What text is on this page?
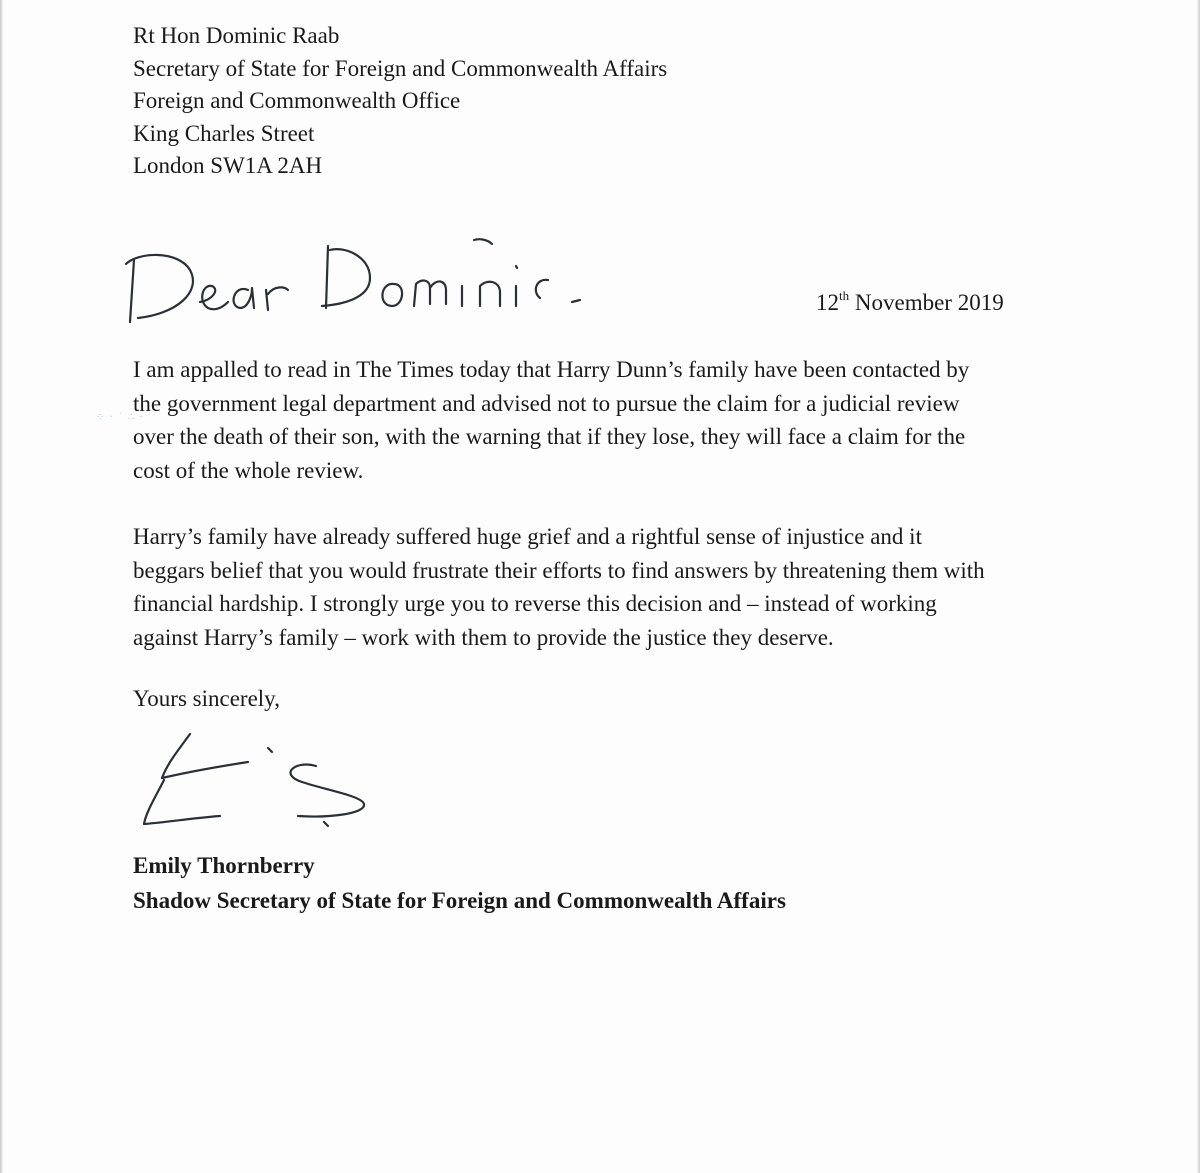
Rt Hon Dominic Raab
Secretary of State for Foreign and Commonwealth Affairs
Foreign and Commonwealth Office
King Charles Street
London SW1A 2AH
12th November 2019
I am appalled to read in The Times today that Harry Dunn’s family have been contacted by
the government legal department and advised not to pursue the claim for a judicial review
over the death of their son, with the warning that if they lose, they will face a claim for the
cost of the whole review.
⁘ · ˙ ∴ ·
Harry’s family have already suffered huge grief and a rightful sense of injustice and it
beggars belief that you would frustrate their efforts to find answers by threatening them with
financial hardship. I strongly urge you to reverse this decision and – instead of working
against Harry’s family – work with them to provide the justice they deserve.
Yours sincerely,
Emily Thornberry
Shadow Secretary of State for Foreign and Commonwealth Affairs
